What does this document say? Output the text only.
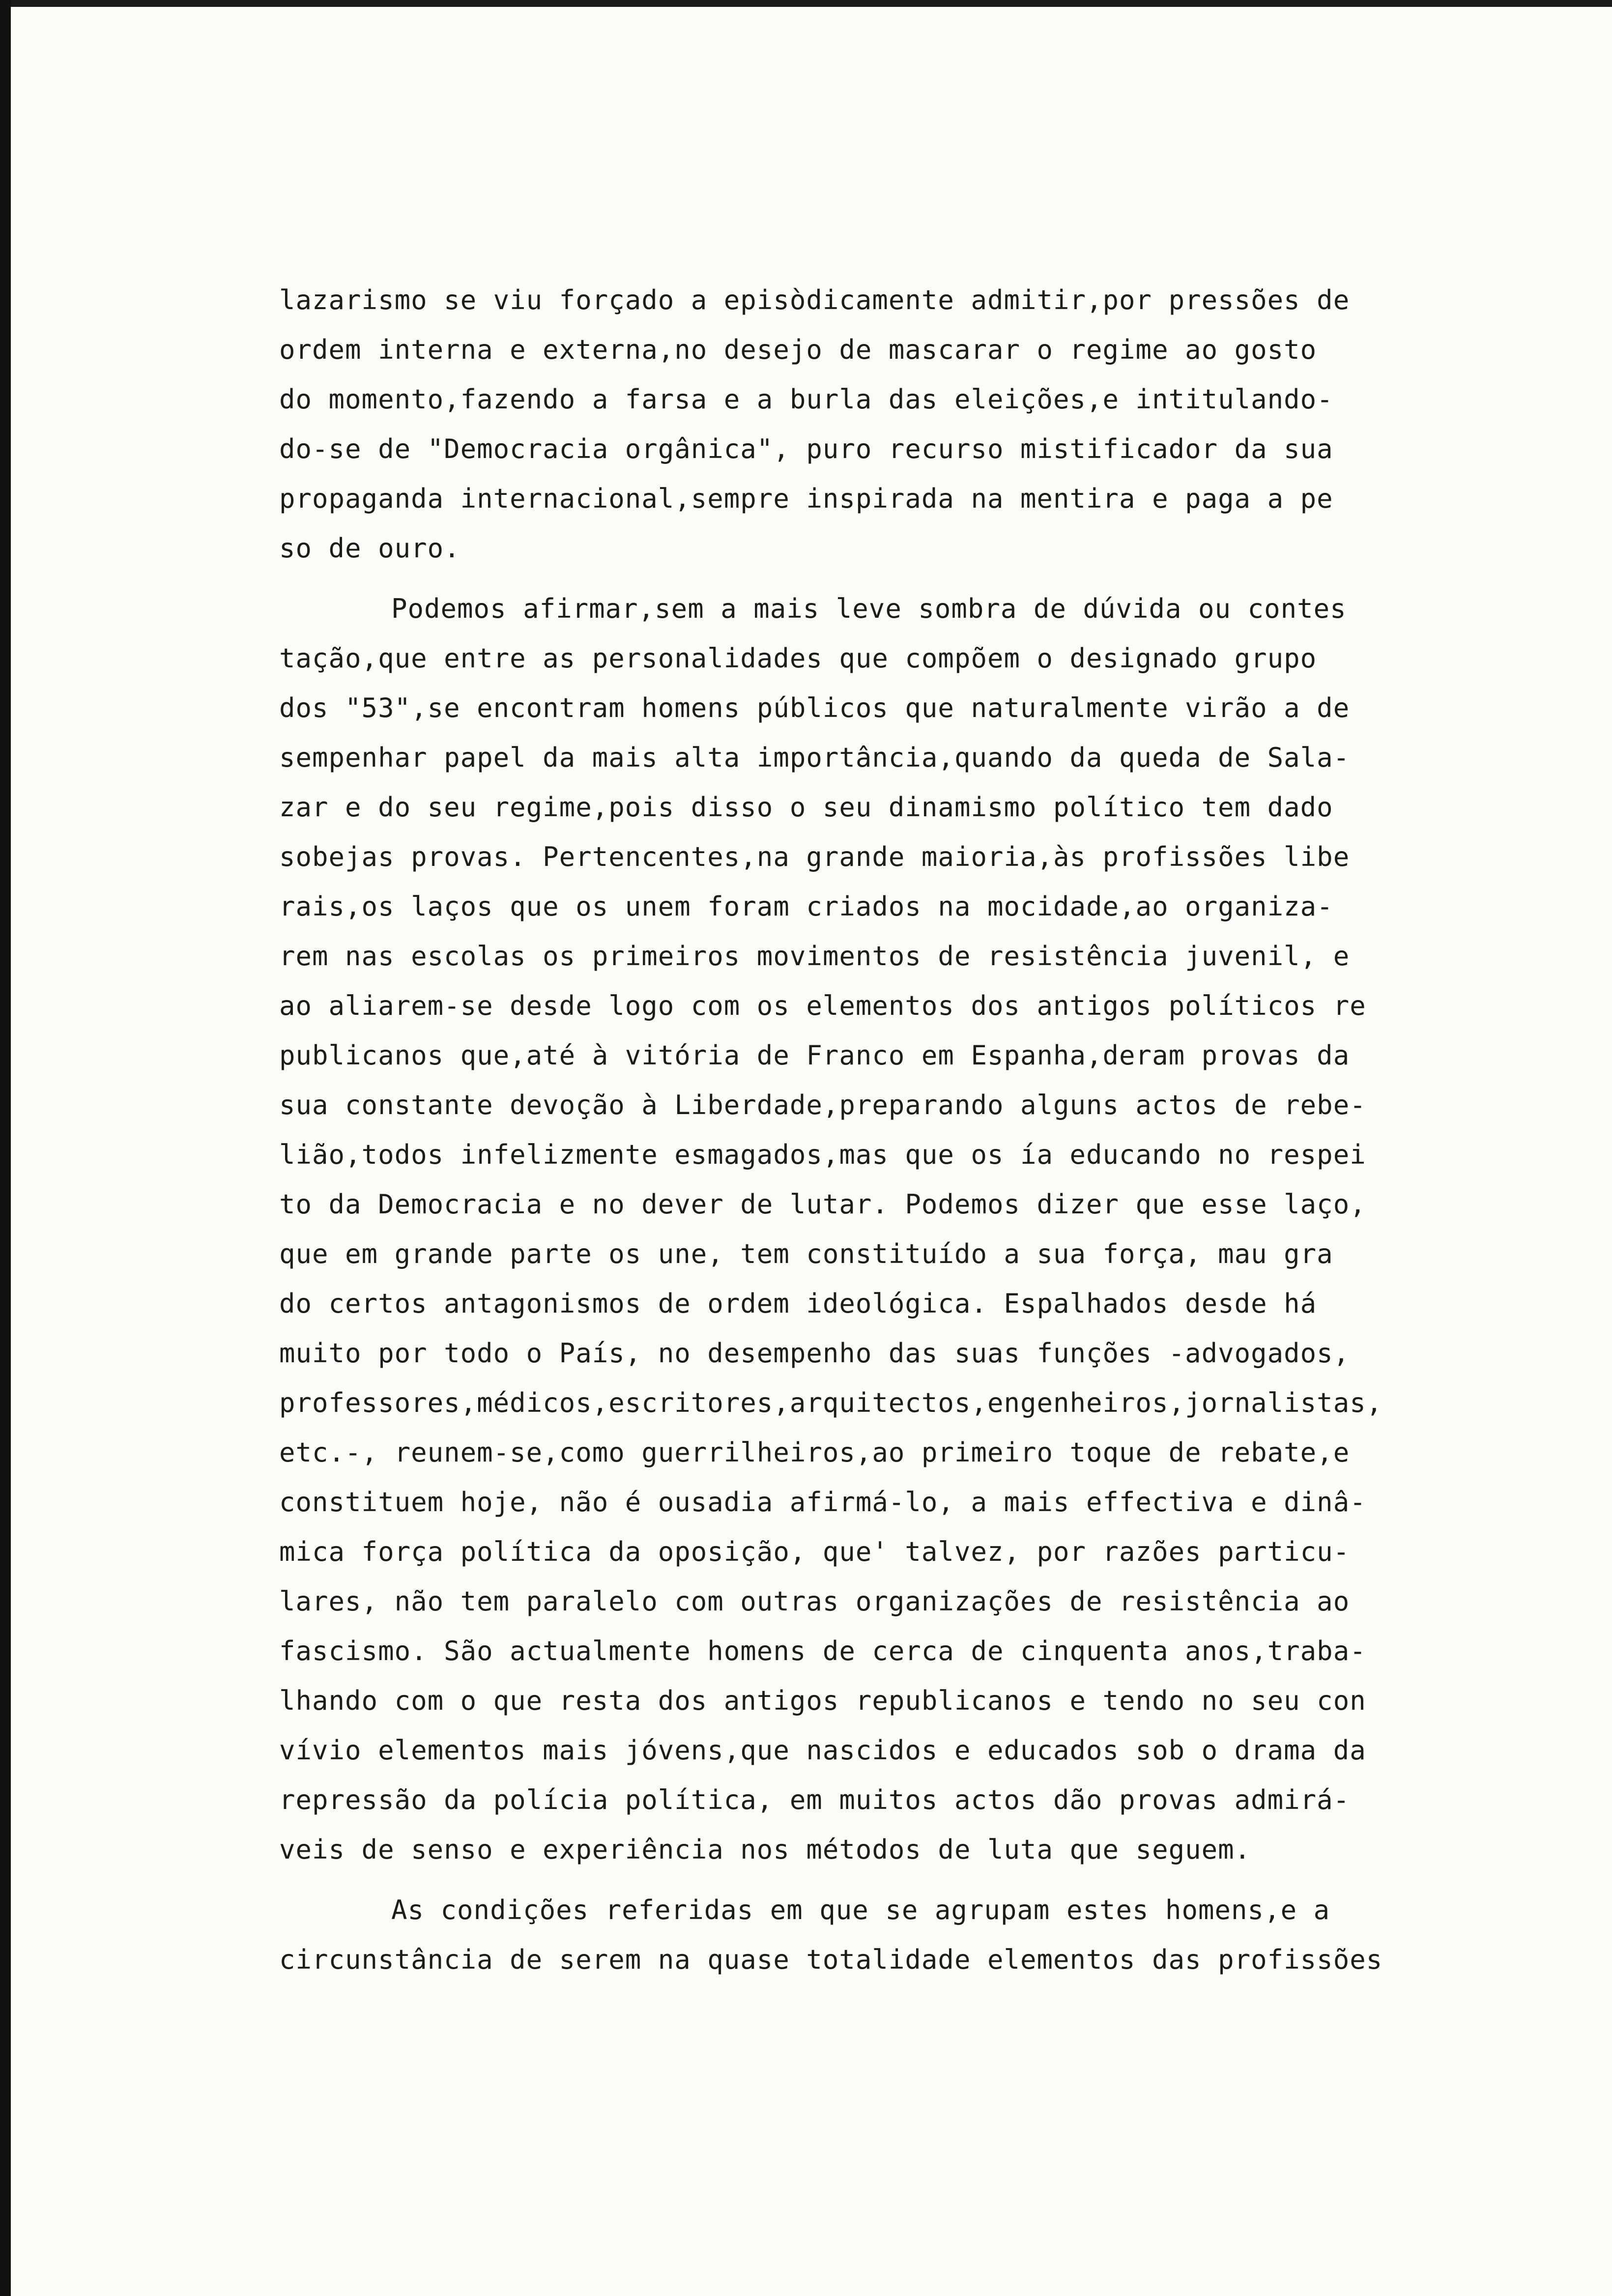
lazarismo se viu forçado a episòdicamente admitir,por pressões de
ordem interna e externa,no desejo de mascarar o regime ao gosto
do momento,fazendo a farsa e a burla das eleições,e intitulando-
do-se de "Democracia orgânica", puro recurso mistificador da sua
propaganda internacional,sempre inspirada na mentira e paga a pe
so de ouro.

Podemos afirmar,sem a mais leve sombra de dúvida ou contes
tação,que entre as personalidades que compõem o designado grupo
dos "53",se encontram homens públicos que naturalmente virão a de
sempenhar papel da mais alta importância,quando da queda de Sala-
zar e do seu regime,pois disso o seu dinamismo político tem dado
sobejas provas. Pertencentes,na grande maioria,às profissões libe
rais,os laços que os unem foram criados na mocidade,ao organiza-
rem nas escolas os primeiros movimentos de resistência juvenil, e
ao aliarem-se desde logo com os elementos dos antigos políticos re
publicanos que,até à vitória de Franco em Espanha,deram provas da
sua constante devoção à Liberdade,preparando alguns actos de rebe-
lião,todos infelizmente esmagados,mas que os ía educando no respei
to da Democracia e no dever de lutar. Podemos dizer que esse laço,
que em grande parte os une, tem constituído a sua força, mau gra
do certos antagonismos de ordem ideológica. Espalhados desde há
muito por todo o País, no desempenho das suas funções -advogados,
professores,médicos,escritores,arquitectos,engenheiros,jornalistas,
etc.-, reunem-se,como guerrilheiros,ao primeiro toque de rebate,e
constituem hoje, não é ousadia afirmá-lo, a mais effectiva e dinâ-
mica força política da oposição, que' talvez, por razões particu-
lares, não tem paralelo com outras organizações de resistência ao
fascismo. São actualmente homens de cerca de cinquenta anos,traba-
lhando com o que resta dos antigos republicanos e tendo no seu con
vívio elementos mais jóvens,que nascidos e educados sob o drama da
repressão da polícia política, em muitos actos dão provas admirá-
veis de senso e experiência nos métodos de luta que seguem.

As condições referidas em que se agrupam estes homens,e a
circunstância de serem na quase totalidade elementos das profissões
